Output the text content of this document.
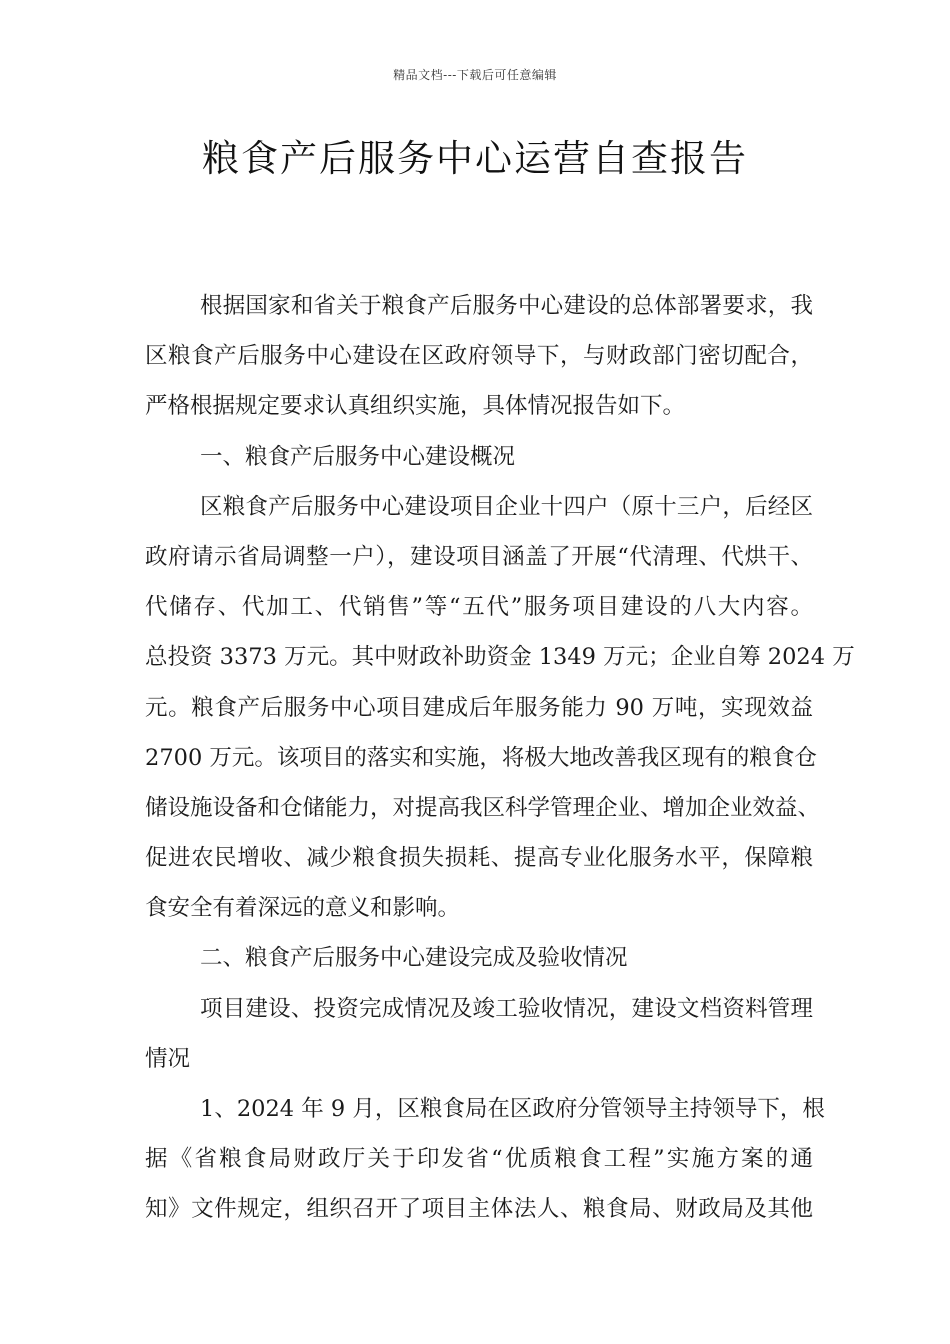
精品文档---下载后可任意编辑
粮食产后服务中心运营自查报告
根据国家和省关于粮食产后服务中心建设的总体部署要求，我
区粮食产后服务中心建设在区政府领导下，与财政部门密切配合，
严格根据规定要求认真组织实施，具体情况报告如下。
一、粮食产后服务中心建设概况
区粮食产后服务中心建设项目企业十四户（原十三户，后经区
政府请示省局调整一户），建设项目涵盖了开展“代清理、代烘干、
代储存、代加工、代销售”等“五代”服务项目建设的八大内容。
总投资 3373 万元。其中财政补助资金 1349 万元；企业自筹 2024 万
元。粮食产后服务中心项目建成后年服务能力 90 万吨，实现效益
2700 万元。该项目的落实和实施，将极大地改善我区现有的粮食仓
储设施设备和仓储能力，对提高我区科学管理企业、增加企业效益、
促进农民增收、减少粮食损失损耗、提高专业化服务水平，保障粮
食安全有着深远的意义和影响。
二、粮食产后服务中心建设完成及验收情况
项目建设、投资完成情况及竣工验收情况，建设文档资料管理
情况
1、2024 年 9 月，区粮食局在区政府分管领导主持领导下，根
据《省粮食局财政厅关于印发省“优质粮食工程”实施方案的通
知》文件规定，组织召开了项目主体法人、粮食局、财政局及其他
